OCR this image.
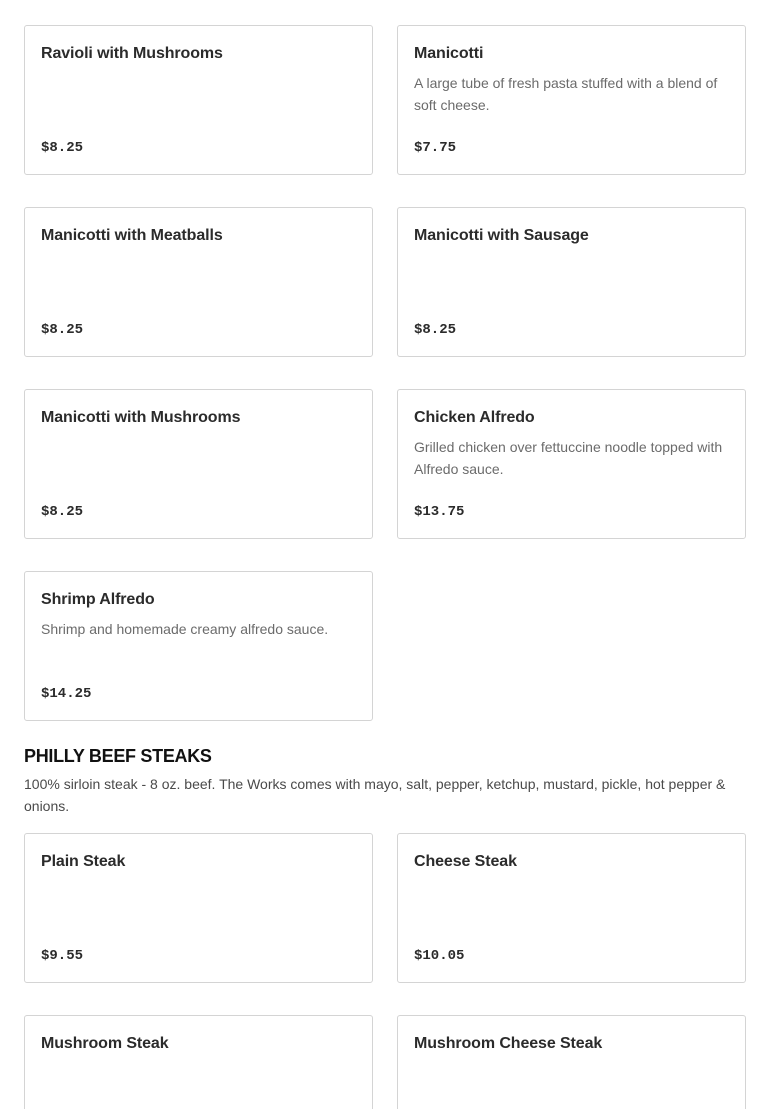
Ravioli with Mushrooms
$8.25
Manicotti
A large tube of fresh pasta stuffed with a blend of soft cheese.
$7.75
Manicotti with Meatballs
$8.25
Manicotti with Sausage
$8.25
Manicotti with Mushrooms
$8.25
Chicken Alfredo
Grilled chicken over fettuccine noodle topped with Alfredo sauce.
$13.75
Shrimp Alfredo
Shrimp and homemade creamy alfredo sauce.
$14.25
PHILLY BEEF STEAKS

100% sirloin steak - 8 oz. beef. The Works comes with mayo, salt, pepper, ketchup, mustard, pickle, hot pepper & onions.

Plain Steak
$9.55
Cheese Steak
$10.05
Mushroom Steak	Mushroom Cheese Steak
